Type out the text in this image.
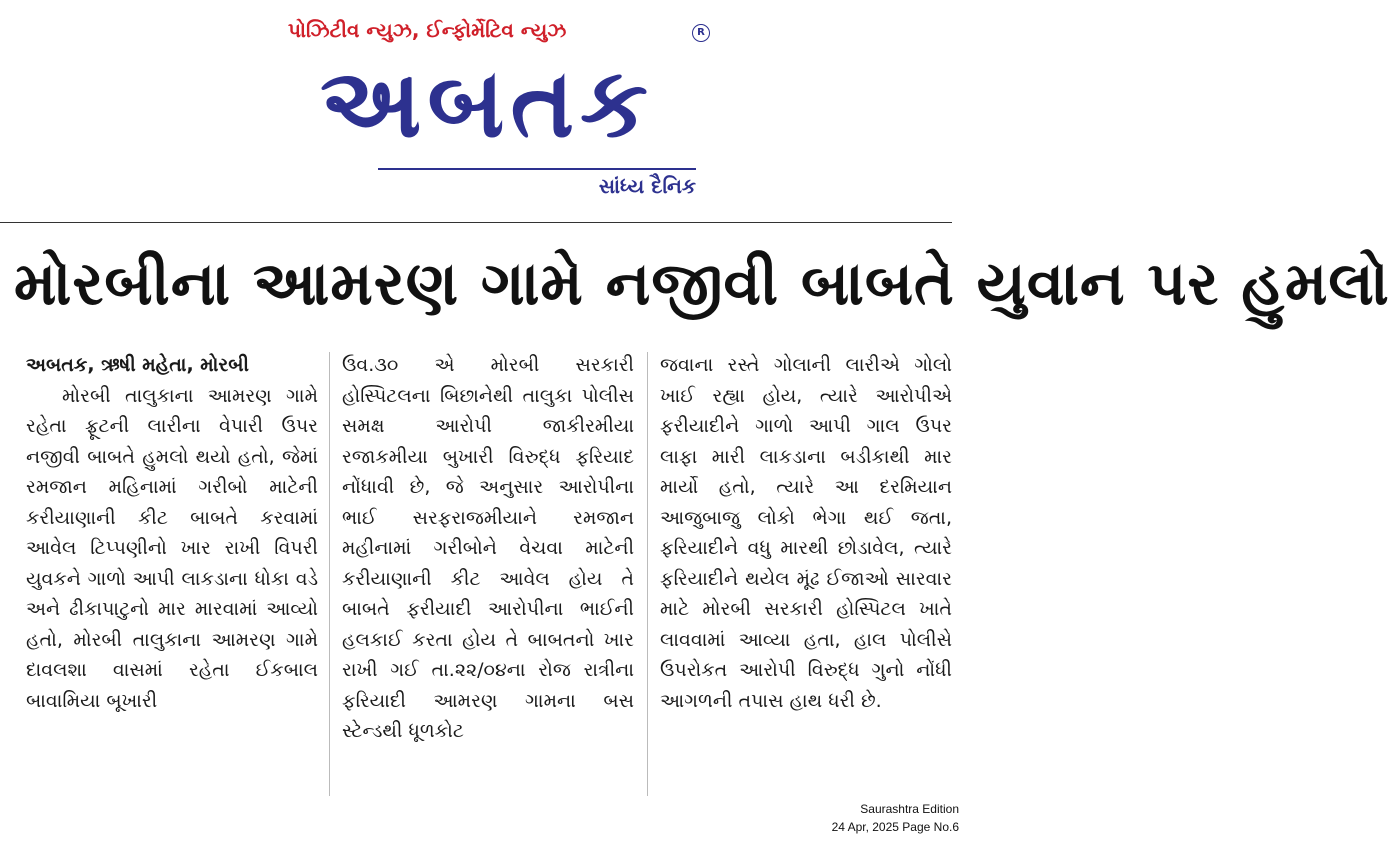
પોઝિટીવ ન્યુઝ, ઈન્ફોર્મેટિવ ન્યુઝ	R
અબતક
સાંધ્ય દૈનિક
મોરબીના આમરણ ગામે નજીવી બાબતે યુવાન પર હુમલો
અબતક, ઋષી મહેતા, મોરબી
મોરબી તાલુકાના આમરણ ગામે રહેતા ફ્રૂટની લારીના વેપારી ઉપર નજીવી બાબતે હુમલો થયો હતો, જેમાં રમજાન મહિનામાં ગરીબો માટેની કરીયાણાની કીટ બાબતે કરવામાં આવેલ ટિપ્પણીનો ખાર રાખી વિપરી યુવકને ગાળો આપી લાકડાના ધોકા વડે અને ઢીકાપાટુનો માર મારવામાં આવ્યો હતો, મોરબી તાલુકાના આમરણ ગામે દાવલશા વાસમાં રહેતા ઈકબાલ બાવામિયા બૂખારી
ઉવ.૩૦ એ મોરબી સરકારી હોસ્પિટલના બિછાનેથી તાલુકા પોલીસ સમક્ષ આરોપી જાકીરમીયા રજાકમીયા બુખારી વિરુદ્ધ ફરિયાદ નોંધાવી છે, જે અનુસાર આરોપીના ભાઈ સરફરાજમીયાને રમજાન મહીનામાં ગરીબોને વેચવા માટેની કરીયાણાની કીટ આવેલ હોય તે બાબતે ફરીયાદી આરોપીના ભાઈની હલકાઈ કરતા હોય તે બાબતનો ખાર રાખી ગઈ તા.૨૨/૦૪ના રોજ રાત્રીના ફરિયાદી આમરણ ગામના બસ સ્ટેન્ડથી ધૂળકોટ
જવાના રસ્તે ગોલાની લારીએ ગોલો ખાઈ રહ્યા હોય, ત્યારે આરોપીએ ફરીયાદીને ગાળો આપી ગાલ ઉપર લાફા મારી લાકડાના બડીકાથી માર માર્યો હતો, ત્યારે આ દરમિયાન આજુબાજુ લોકો ભેગા થઈ જતા, ફરિયાદીને વધુ મારથી છોડાવેલ, ત્યારે ફરિયાદીને થયેલ મૂંઢ ઈજાઓ સારવાર માટે મોરબી સરકારી હોસ્પિટલ ખાતે લાવવામાં આવ્યા હતા, હાલ પોલીસે ઉપરોકત આરોપી વિરુદ્ધ ગુનો નોંધી આગળની તપાસ હાથ ધરી છે.
Saurashtra Edition
24 Apr, 2025 Page No.6
